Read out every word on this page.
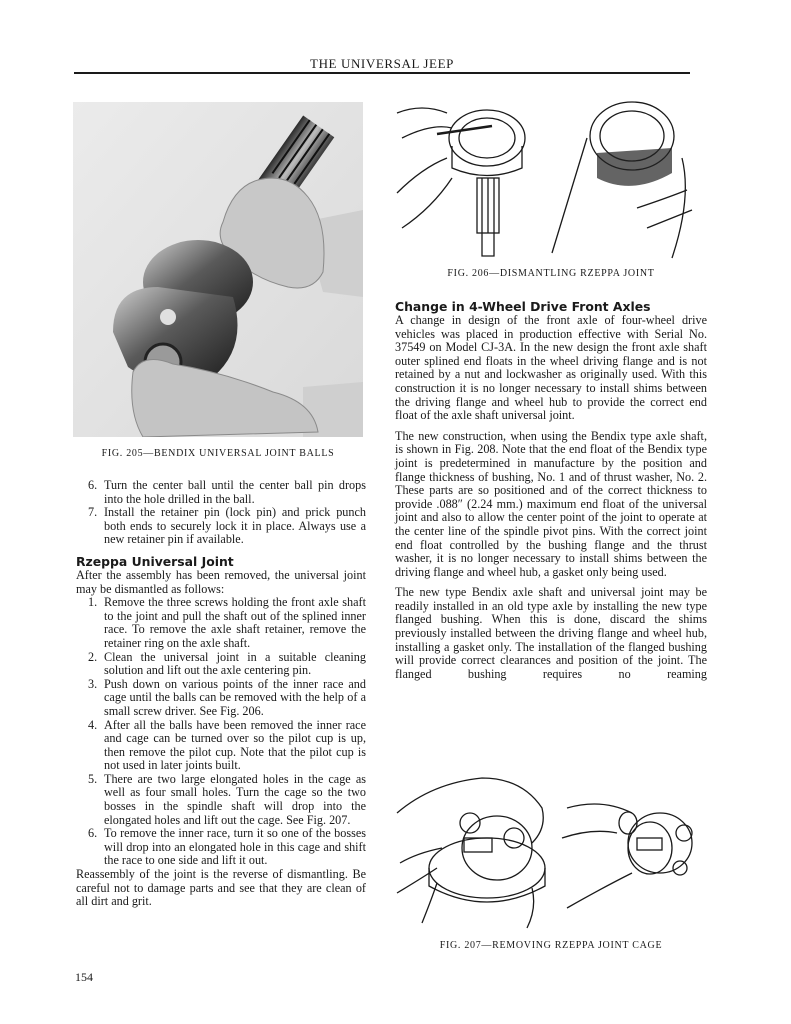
THE UNIVERSAL JEEP
FIG. 205—BENDIX UNIVERSAL JOINT BALLS
FIG. 206—DISMANTLING RZEPPA JOINT
6. Turn the center ball until the center ball pin drops into the hole drilled in the ball.
7. Install the retainer pin (lock pin) and prick punch both ends to securely lock it in place. Always use a new retainer pin if available.
Rzeppa Universal Joint

After the assembly has been removed, the universal joint may be dismantled as follows:

1. Remove the three screws holding the front axle shaft to the joint and pull the shaft out of the splined inner race. To remove the axle shaft retainer, remove the retainer ring on the axle shaft.
2. Clean the universal joint in a suitable cleaning solution and lift out the axle centering pin.
3. Push down on various points of the inner race and cage until the balls can be removed with the help of a small screw driver. See Fig. 206.
4. After all the balls have been removed the inner race and cage can be turned over so the pilot cup is up, then remove the pilot cup. Note that the pilot cup is not used in later joints built.
5. There are two large elongated holes in the cage as well as four small holes. Turn the cage so the two bosses in the spindle shaft will drop into the elongated holes and lift out the cage. See Fig. 207.
6. To remove the inner race, turn it so one of the bosses will drop into an elongated hole in this cage and shift the race to one side and lift it out.

Reassembly of the joint is the reverse of dismantling. Be careful not to damage parts and see that they are clean of all dirt and grit.

Change in 4-Wheel Drive Front Axles

A change in design of the front axle of four-wheel drive vehicles was placed in production effective with Serial No. 37549 on Model CJ-3A. In the new design the front axle shaft outer splined end floats in the wheel driving flange and is not retained by a nut and lockwasher as originally used. With this construction it is no longer necessary to install shims between the driving flange and wheel hub to provide the correct end float of the axle shaft universal joint.

The new construction, when using the Bendix type axle shaft, is shown in Fig. 208. Note that the end float of the Bendix type joint is predetermined in manufacture by the position and flange thickness of bushing, No. 1 and of thrust washer, No. 2. These parts are so positioned and of the correct thickness to provide .088″ (2.24 mm.) maximum end float of the universal joint and also to allow the center point of the joint to operate at the center line of the spindle pivot pins. With the correct joint end float controlled by the bushing flange and the thrust washer, it is no longer necessary to install shims between the driving flange and wheel hub, a gasket only being used.

The new type Bendix axle shaft and universal joint may be readily installed in an old type axle by installing the new type flanged bushing. When this is done, discard the shims previously installed between the driving flange and wheel hub, installing a gasket only. The installation of the flanged bushing will provide correct clearances and position of the joint. The flanged bushing requires no reaming

FIG. 207—REMOVING RZEPPA JOINT CAGE
154
